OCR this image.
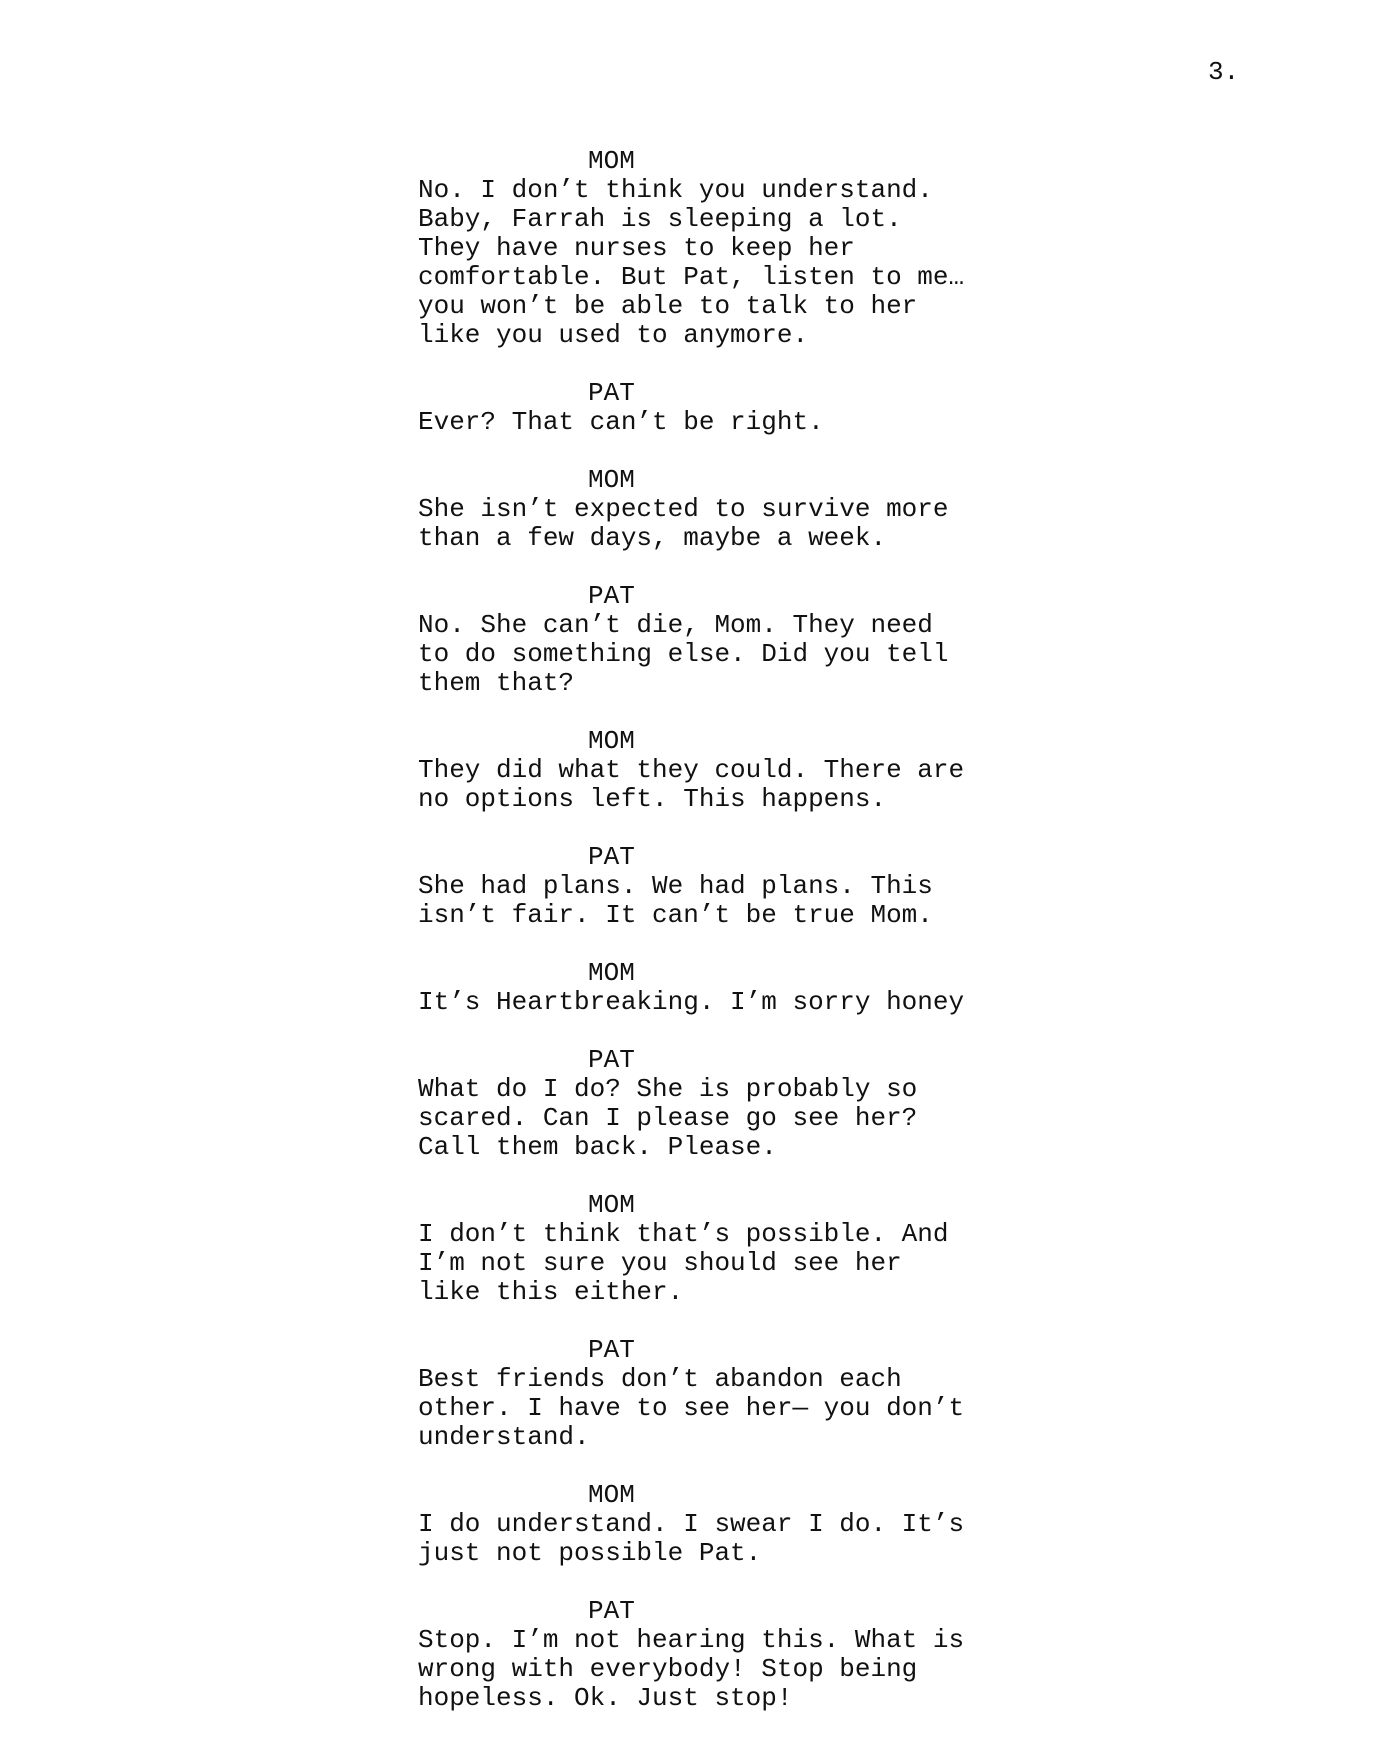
3.
MOM
No. I don’t think you understand.
Baby, Farrah is sleeping a lot.
They have nurses to keep her
comfortable. But Pat, listen to me…
you won’t be able to talk to her
like you used to anymore.
PAT
Ever? That can’t be right.
MOM
She isn’t expected to survive more
than a few days, maybe a week.
PAT
No. She can’t die, Mom. They need
to do something else. Did you tell
them that?
MOM
They did what they could. There are
no options left. This happens.
PAT
She had plans. We had plans. This
isn’t fair. It can’t be true Mom.
MOM
It’s Heartbreaking. I’m sorry honey
PAT
What do I do? She is probably so
scared. Can I please go see her?
Call them back. Please.
MOM
I don’t think that’s possible. And
I’m not sure you should see her
like this either.
PAT
Best friends don’t abandon each
other. I have to see her— you don’t
understand.
MOM
I do understand. I swear I do. It’s
just not possible Pat.
PAT
Stop. I’m not hearing this. What is
wrong with everybody! Stop being
hopeless. Ok. Just stop!
